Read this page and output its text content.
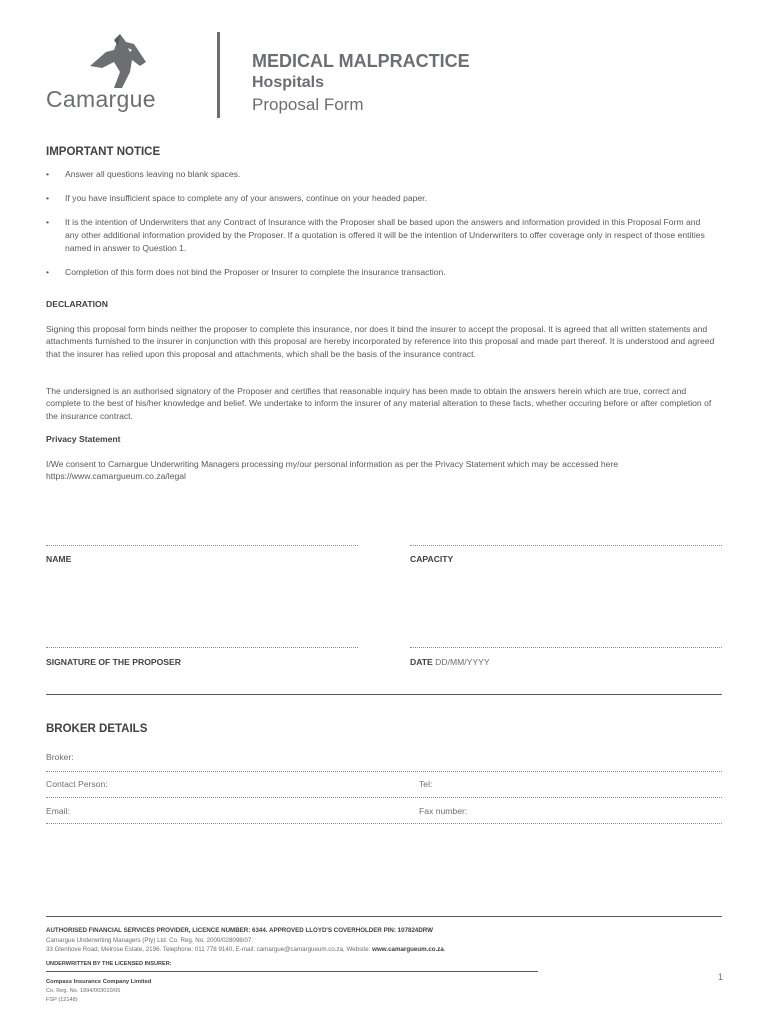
Camargue
MEDICAL MALPRACTICE
Hospitals
Proposal Form
IMPORTANT NOTICE
• Answer all questions leaving no blank spaces.
• If you have insufficient space to complete any of your answers, continue on your headed paper.
• It is the intention of Underwriters that any Contract of Insurance with the Proposer shall be based upon the answers and information provided in this Proposal Form and any other additional information provided by the Proposer. If a quotation is offered it will be the intention of Underwriters to offer coverage only in respect of those entities named in answer to Question 1.
• Completion of this form does not bind the Proposer or Insurer to complete the insurance transaction.
DECLARATION

Signing this proposal form binds neither the proposer to complete this insurance, nor does it bind the insurer to accept the proposal. It is agreed that all written statements and attachments furnished to the insurer in conjunction with this proposal are hereby incorporated by reference into this proposal and made part thereof. It is understood and agreed that the insurer has relied upon this proposal and attachments, which shall be the basis of the insurance contract.

The undersigned is an authorised signatory of the Proposer and certifies that reasonable inquiry has been made to obtain the answers herein which are true, correct and complete to the best of his/her knowledge and belief. We undertake to inform the insurer of any material alteration to these facts, whether occuring before or after completion of the insurance contract.

Privacy Statement

I/We consent to Camargue Underwriting Managers processing my/our personal information as per the Privacy Statement which may be accessed here https://www.camargueum.co.za/legal

NAME	CAPACITY
SIGNATURE OF THE PROPOSER	DATE DD/MM/YYYY
BROKER DETAILS
Broker:
Contact Person:	Tel:
Email:	Fax number:
AUTHORISED FINANCIAL SERVICES PROVIDER, LICENCE NUMBER: 6344. APPROVED LLOYD'S COVERHOLDER PIN: 107824DRW
Camargue Underwriting Managers (Pty) Ltd. Co. Reg. No. 2000/028098/07.
33 Glenhove Road, Melrose Estate, 2196. Telephone: 011 778 9140, E-mail: camargue@camargueum.co.za, Website: www.camargueum.co.za.
UNDERWRITTEN BY THE LICENSED INSURER:
Compass Insurance Company Limited
Co. Reg. No. 1994/003010/06
FSP (12148)
1
